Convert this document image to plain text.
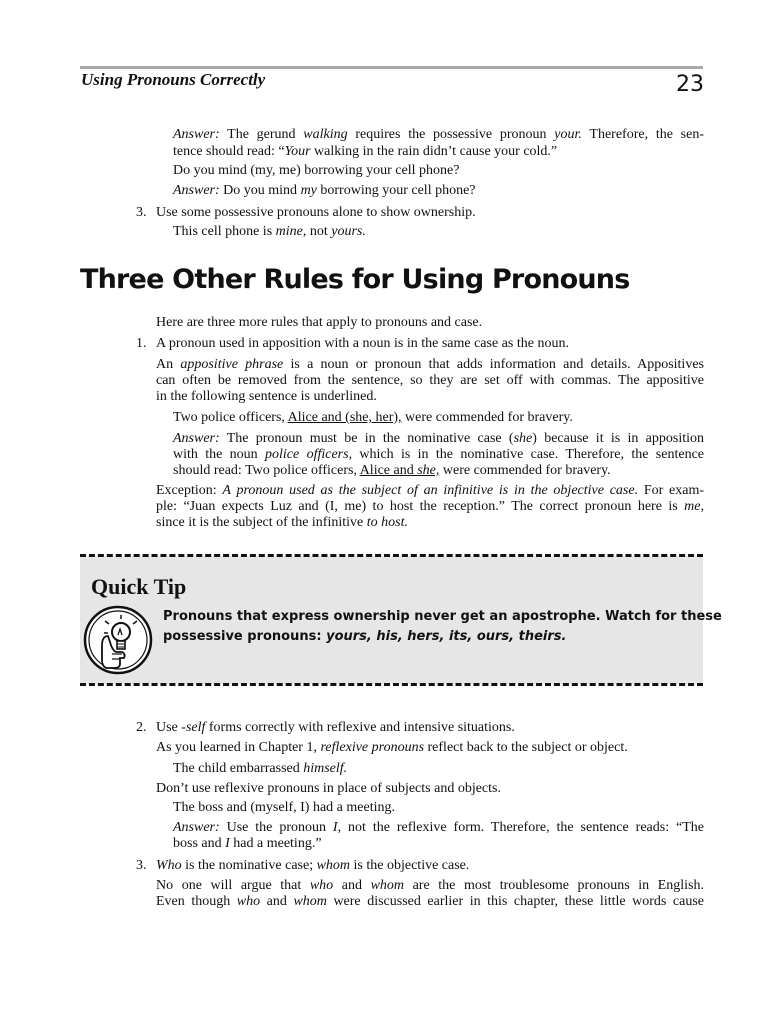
Using Pronouns Correctly	23
Answer: The gerund walking requires the possessive pronoun your. Therefore, the sen-
tence should read: “Your walking in the rain didn’t cause your cold.”
Do you mind (my, me) borrowing your cell phone?
Answer: Do you mind my borrowing your cell phone?
3. Use some possessive pronouns alone to show ownership.
This cell phone is mine, not yours.
Three Other Rules for Using Pronouns
Here are three more rules that apply to pronouns and case.
1. A pronoun used in apposition with a noun is in the same case as the noun.
An appositive phrase is a noun or pronoun that adds information and details. Appositives
can often be removed from the sentence, so they are set off with commas. The appositive
in the following sentence is underlined.
Two police officers, Alice and (she, her), were commended for bravery.
Answer: The pronoun must be in the nominative case (she) because it is in apposition
with the noun police officers, which is in the nominative case. Therefore, the sentence
should read: Two police officers, Alice and she, were commended for bravery.
Exception: A pronoun used as the subject of an infinitive is in the objective case. For exam-
ple: “Juan expects Luz and (I, me) to host the reception.” The correct pronoun here is me,
since it is the subject of the infinitive to host.
Quick Tip
Pronouns that express ownership never get an apostrophe. Watch for these
possessive pronouns: yours, his, hers, its, ours, theirs.
2. Use -self forms correctly with reflexive and intensive situations.
As you learned in Chapter 1, reflexive pronouns reflect back to the subject or object.
The child embarrassed himself.
Don’t use reflexive pronouns in place of subjects and objects.
The boss and (myself, I) had a meeting.
Answer: Use the pronoun I, not the reflexive form. Therefore, the sentence reads: “The
boss and I had a meeting.”
3. Who is the nominative case; whom is the objective case.
No one will argue that who and whom are the most troublesome pronouns in English.
Even though who and whom were discussed earlier in this chapter, these little words cause
